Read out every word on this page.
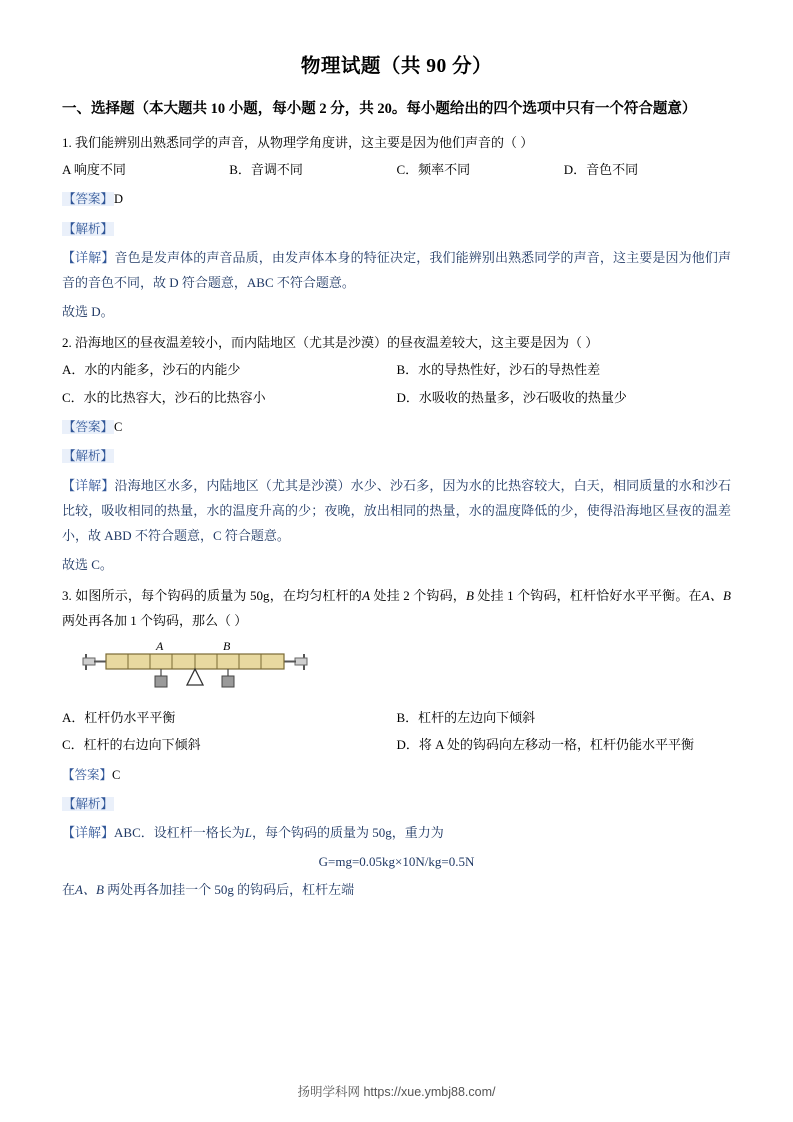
物理试题（共 90 分）
一、选择题（本大题共 10 小题，每小题 2 分，共 20。每小题给出的四个选项中只有一个符合题意）
1. 我们能辨别出熟悉同学的声音，从物理学角度讲，这主要是因为他们声音的（ ）
A 响度不同	B．音调不同	C．频率不同	D．音色不同
【答案】D
【解析】
【详解】音色是发声体的声音品质，由发声体本身的特征决定，我们能辨别出熟悉同学的声音，这主要是因为他们声音的音色不同，故 D 符合题意，ABC 不符合题意。
故选 D。
2. 沿海地区的昼夜温差较小，而内陆地区（尤其是沙漠）的昼夜温差较大，这主要是因为（ ）
A．水的内能多，沙石的内能少	B．水的导热性好，沙石的导热性差
C．水的比热容大，沙石的比热容小	D．水吸收的热量多，沙石吸收的热量少
【答案】C
【解析】
【详解】沿海地区水多，内陆地区（尤其是沙漠）水少、沙石多，因为水的比热容较大，白天，相同质量的水和沙石比较，吸收相同的热量，水的温度升高的少；夜晚，放出相同的热量，水的温度降低的少，使得沿海地区昼夜的温差小，故 ABD 不符合题意，C 符合题意。
故选 C。
3. 如图所示，每个钩码的质量为 50g，在均匀杠杆的A 处挂 2 个钩码，B 处挂 1 个钩码，杠杆恰好水平平衡。在A、B 两处再各加 1 个钩码，那么（ ）
A	B
A．杠杆仍水平平衡	B．杠杆的左边向下倾斜
C．杠杆的右边向下倾斜	D．将 A 处的钩码向左移动一格，杠杆仍能水平平衡
【答案】C
【解析】
【详解】ABC．设杠杆一格长为L，每个钩码的质量为 50g，重力为
G=mg=0.05kg×10N/kg=0.5N
在A、B 两处再各加挂一个 50g 的钩码后，杠杆左端
扬明学科网 https://xue.ymbj88.com/
